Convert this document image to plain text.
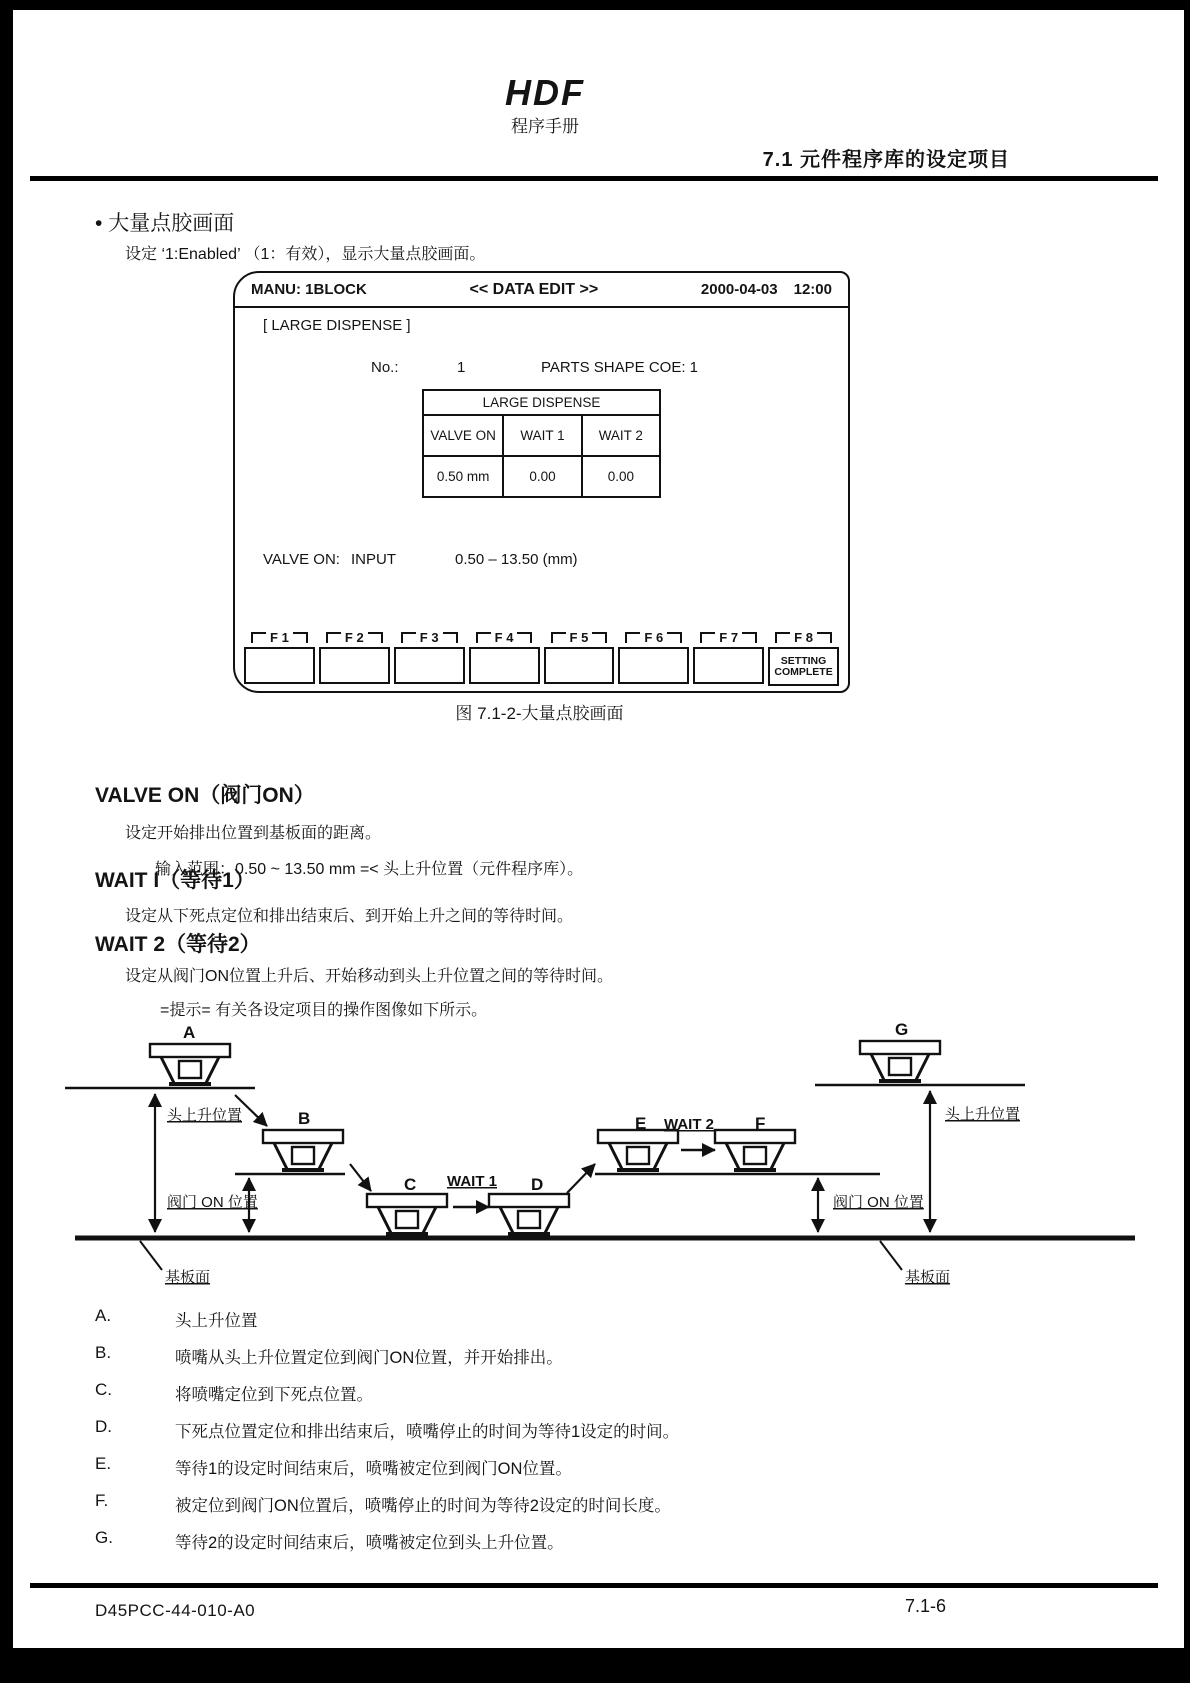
HDF
程序手册
7.1 元件程序库的设定项目
• 大量点胶画面
设定 ‘1:Enabled’ （1：有效），显示大量点胶画面。
MANU: 1BLOCK	<< DATA EDIT >>	2000-04-03 12:00
[ LARGE DISPENSE ]
No.:	1	PARTS SHAPE COE: 1
LARGE DISPENSE
VALVE ON	WAIT 1	WAIT 2
0.50 mm	0.00	0.00
VALVE ON: INPUT	0.50 – 13.50 (mm)
F 1	F 2	F 3	F 4	F 5	F 6	F 7	F 8
SETTING COMPLETE
图 7.1-2-大量点胶画面
VALVE ON（阀门ON）
设定开始排出位置到基板面的距离。
输入范围：0.50 ~ 13.50 mm =< 头上升位置（元件程序库）。
WAIT I（等待1）
设定从下死点定位和排出结束后、到开始上升之间的等待时间。
WAIT 2（等待2）
设定从阀门ON位置上升后、开始移动到头上升位置之间的等待时间。
=提示= 有关各设定项目的操作图像如下所示。
A
头上升位置	B
阀门 ON 位置
C WAIT 1 D
E WAIT 2 F
阀门 ON 位置
G
头上升位置
基板面	基板面
A.	头上升位置
B.	喷嘴从头上升位置定位到阀门ON位置，并开始排出。
C.	将喷嘴定位到下死点位置。
D.	下死点位置定位和排出结束后，喷嘴停止的时间为等待1设定的时间。
E.	等待1的设定时间结束后，喷嘴被定位到阀门ON位置。
F.	被定位到阀门ON位置后，喷嘴停止的时间为等待2设定的时间长度。
G.	等待2的设定时间结束后，喷嘴被定位到头上升位置。
D45PCC-44-010-A0	7.1-6
